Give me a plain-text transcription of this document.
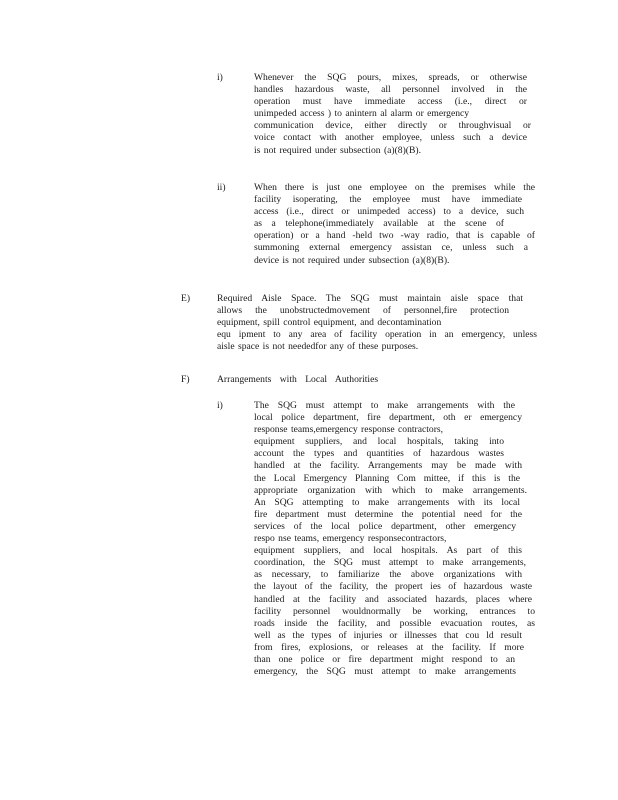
i)	Whenever the SQG pours, mixes, spreads, or otherwise
handles hazardous waste, all personnel involved in the
operation must have immediate access (i.e., direct or
unimpeded access ) to anintern al alarm or emergency
communication device, either directly or throughvisual or
voice contact with another employee, unless such a device
is not required under subsection (a)(8)(B).
ii)	When there is just one employee on the premises while the
facility isoperating, the employee must have immediate
access (i.e., direct or unimpeded access) to a device, such
as a telephone(immediately available at the scene of
operation) or a hand -held two -way radio, that is capable of
summoning external emergency assistan ce, unless such a
device is not required under subsection (a)(8)(B).
E)	Required Aisle Space. The SQG must maintain aisle space that
allows the unobstructedmovement of personnel,fire protection
equipment, spill control equipment, and decontamination
equ ipment to any area of facility operation in an emergency, unless
aisle space is not neededfor any of these purposes.
F)	Arrangements with Local Authorities
i)	The SQG must attempt to make arrangements with the
local police department, fire department, oth er emergency
response teams,emergency response contractors,
equipment suppliers, and local hospitals, taking into
account the types and quantities of hazardous wastes
handled at the facility. Arrangements may be made with
the Local Emergency Planning Com mittee, if this is the
appropriate organization with which to make arrangements.
An SQG attempting to make arrangements with its local
fire department must determine the potential need for the
services of the local police department, other emergency
respo nse teams, emergency responsecontractors,
equipment suppliers, and local hospitals. As part of this
coordination, the SQG must attempt to make arrangements,
as necessary, to familiarize the above organizations with
the layout of the facility, the propert ies of hazardous waste
handled at the facility and associated hazards, places where
facility personnel wouldnormally be working, entrances to
roads inside the facility, and possible evacuation routes, as
well as the types of injuries or illnesses that cou ld result
from fires, explosions, or releases at the facility. If more
than one police or fire department might respond to an
emergency, the SQG must attempt to make arrangements
